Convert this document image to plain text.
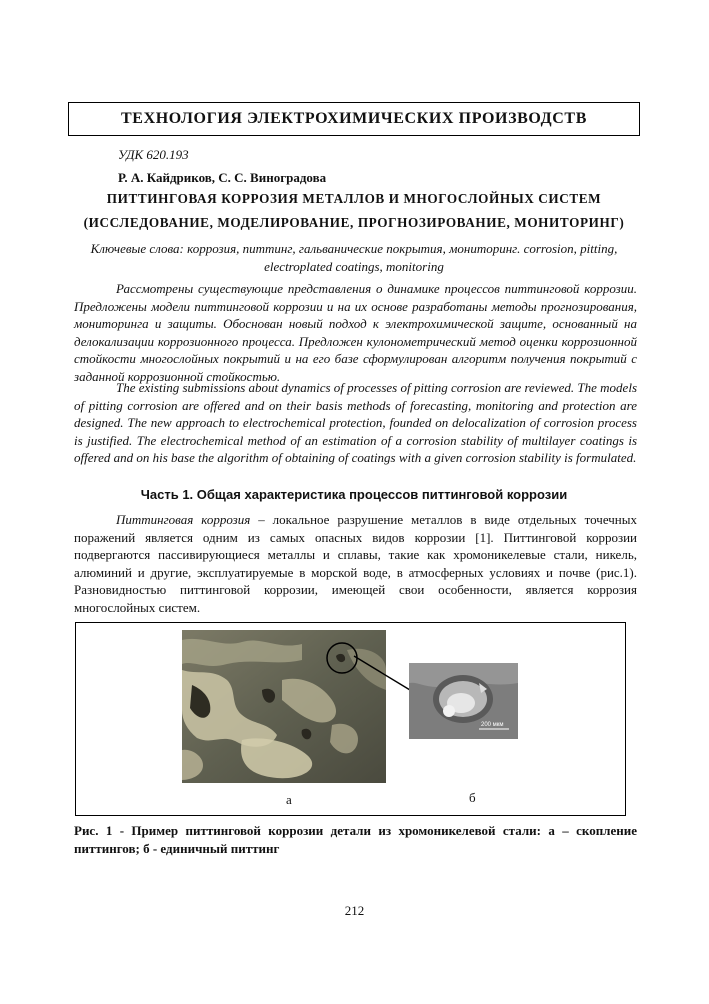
ТЕХНОЛОГИЯ ЭЛЕКТРОХИМИЧЕСКИХ ПРОИЗВОДСТВ
УДК 620.193
Р. А. Кайдриков, С. С. Виноградова
ПИТТИНГОВАЯ КОРРОЗИЯ МЕТАЛЛОВ И МНОГОСЛОЙНЫХ СИСТЕМ
(ИССЛЕДОВАНИЕ, МОДЕЛИРОВАНИЕ, ПРОГНОЗИРОВАНИЕ, МОНИТОРИНГ)
Ключевые слова: коррозия, питтинг, гальванические покрытия, мониторинг. corrosion, pitting, electroplated coatings, monitoring

Рассмотрены существующие представления о динамике процессов питтинговой коррозии. Предложены модели питтинговой коррозии и на их основе разработаны методы прогнозирования, мониторинга и защиты. Обоснован новый подход к электрохимической защите, основанный на делокализации коррозионного процесса. Предложен кулонометрический метод оценки коррозионной стойкости многослойных покрытий и на его базе сформулирован алгоритм получения покрытий с заданной коррозионной стойкостью.

The existing submissions about dynamics of processes of pitting corrosion are reviewed. The models of pitting corrosion are offered and on their basis methods of forecasting, monitoring and protection are designed. The new approach to electrochemical protection, founded on delocalization of corrosion process is justified. The electrochemical method of an estimation of a corrosion stability of multilayer coatings is offered and on his base the algorithm of obtaining of coatings with a given corrosion stability is formulated.

Часть 1. Общая характеристика процессов питтинговой коррозии

Питтинговая коррозия – локальное разрушение металлов в виде отдельных точечных поражений является одним из самых опасных видов коррозии [1]. Питтинговой коррозии подвергаются пассивирующиеся металлы и сплавы, такие как хромоникелевые стали, никель, алюминий и другие, эксплуатируемые в морской воде, в атмосферных условиях и почве (рис.1). Разновидностью питтинговой коррозии, имеющей свои особенности, является коррозия многослойных систем.

200 мкм
а	б
Рис. 1 - Пример питтинговой коррозии детали из хромоникелевой стали: а – скопление питтингов; б - единичный питтинг
212
